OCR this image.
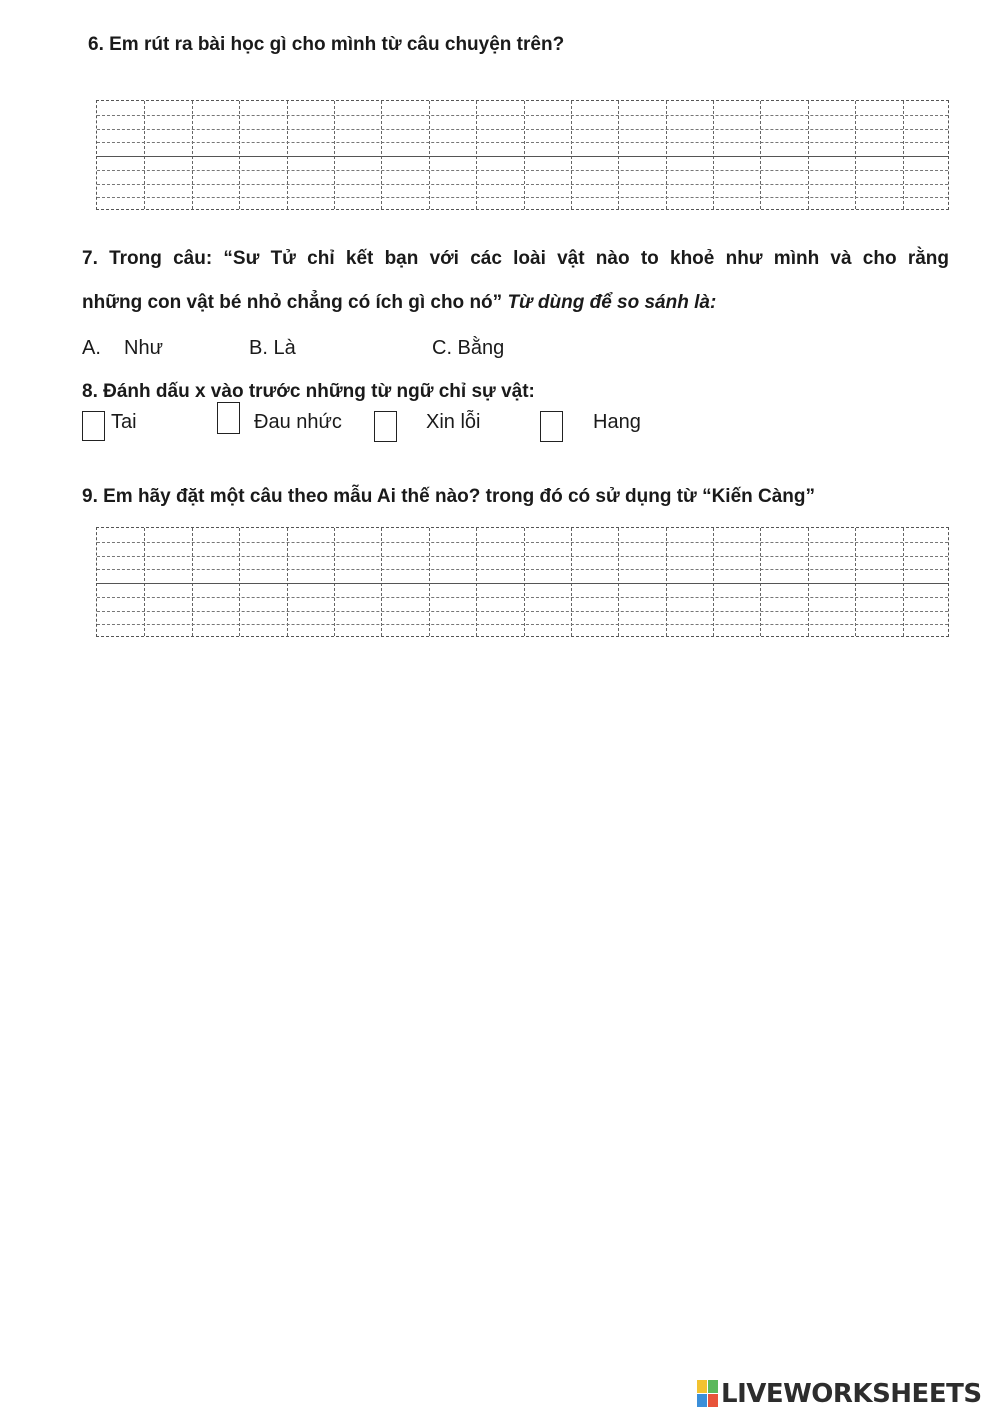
6. Em rút ra bài học gì cho mình từ câu chuyện trên?
7. Trong câu: “Sư Tử chỉ kết bạn với các loài vật nào to khoẻ như mình và cho rằng
những con vật bé nhỏ chẳng có ích gì cho nó” Từ dùng để so sánh là:
A. Như	B. Là	C. Bằng
8. Đánh dấu x vào trước những từ ngữ chỉ sự vật:
Tai	Đau nhức	Xin lỗi	Hang
9. Em hãy đặt một câu theo mẫu Ai thế nào? trong đó có sử dụng từ “Kiến Càng”
LIVEWORKSHEETS
